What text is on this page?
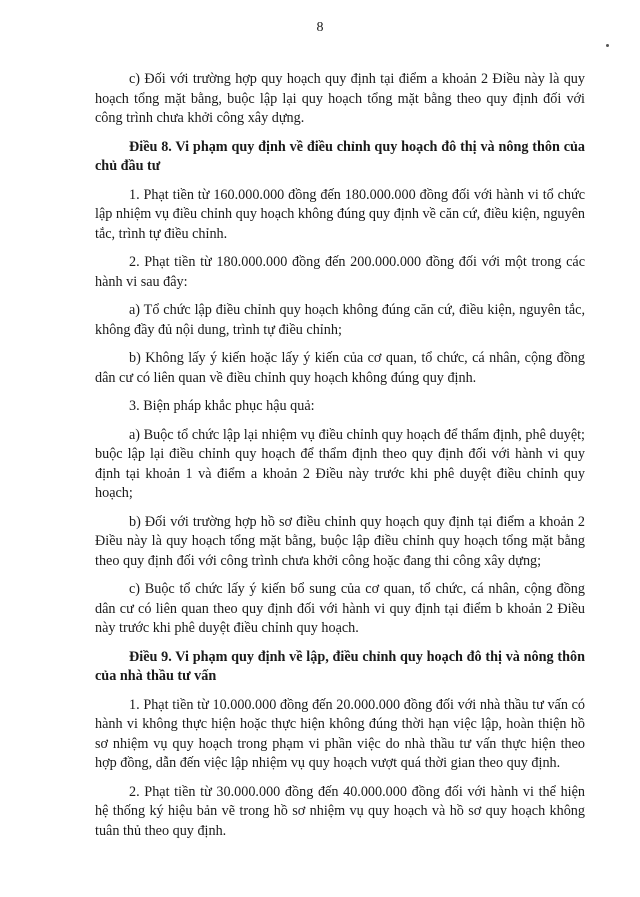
8

c) Đối với trường hợp quy hoạch quy định tại điểm a khoản 2 Điều này là quy hoạch tổng mặt bằng, buộc lập lại quy hoạch tổng mặt bằng theo quy định đối với công trình chưa khởi công xây dựng.

Điều 8. Vi phạm quy định về điều chỉnh quy hoạch đô thị và nông thôn của chủ đầu tư

1. Phạt tiền từ 160.000.000 đồng đến 180.000.000 đồng đối với hành vi tổ chức lập nhiệm vụ điều chỉnh quy hoạch không đúng quy định về căn cứ, điều kiện, nguyên tắc, trình tự điều chỉnh.

2. Phạt tiền từ 180.000.000 đồng đến 200.000.000 đồng đối với một trong các hành vi sau đây:

a) Tổ chức lập điều chỉnh quy hoạch không đúng căn cứ, điều kiện, nguyên tắc, không đầy đủ nội dung, trình tự điều chỉnh;

b) Không lấy ý kiến hoặc lấy ý kiến của cơ quan, tổ chức, cá nhân, cộng đồng dân cư có liên quan về điều chỉnh quy hoạch không đúng quy định.

3. Biện pháp khắc phục hậu quả:

a) Buộc tổ chức lập lại nhiệm vụ điều chỉnh quy hoạch để thẩm định, phê duyệt; buộc lập lại điều chỉnh quy hoạch để thẩm định theo quy định đối với hành vi quy định tại khoản 1 và điểm a khoản 2 Điều này trước khi phê duyệt điều chỉnh quy hoạch;

b) Đối với trường hợp hồ sơ điều chỉnh quy hoạch quy định tại điểm a khoản 2 Điều này là quy hoạch tổng mặt bằng, buộc lập điều chỉnh quy hoạch tổng mặt bằng theo quy định đối với công trình chưa khởi công hoặc đang thi công xây dựng;

c) Buộc tổ chức lấy ý kiến bổ sung của cơ quan, tổ chức, cá nhân, cộng đồng dân cư có liên quan theo quy định đối với hành vi quy định tại điểm b khoản 2 Điều này trước khi phê duyệt điều chỉnh quy hoạch.

Điều 9. Vi phạm quy định về lập, điều chỉnh quy hoạch đô thị và nông thôn của nhà thầu tư vấn

1. Phạt tiền từ 10.000.000 đồng đến 20.000.000 đồng đối với nhà thầu tư vấn có hành vi không thực hiện hoặc thực hiện không đúng thời hạn việc lập, hoàn thiện hồ sơ nhiệm vụ quy hoạch trong phạm vi phần việc do nhà thầu tư vấn thực hiện theo hợp đồng, dẫn đến việc lập nhiệm vụ quy hoạch vượt quá thời gian theo quy định.

2. Phạt tiền từ 30.000.000 đồng đến 40.000.000 đồng đối với hành vi thể hiện hệ thống ký hiệu bản vẽ trong hồ sơ nhiệm vụ quy hoạch và hồ sơ quy hoạch không tuân thủ theo quy định.
